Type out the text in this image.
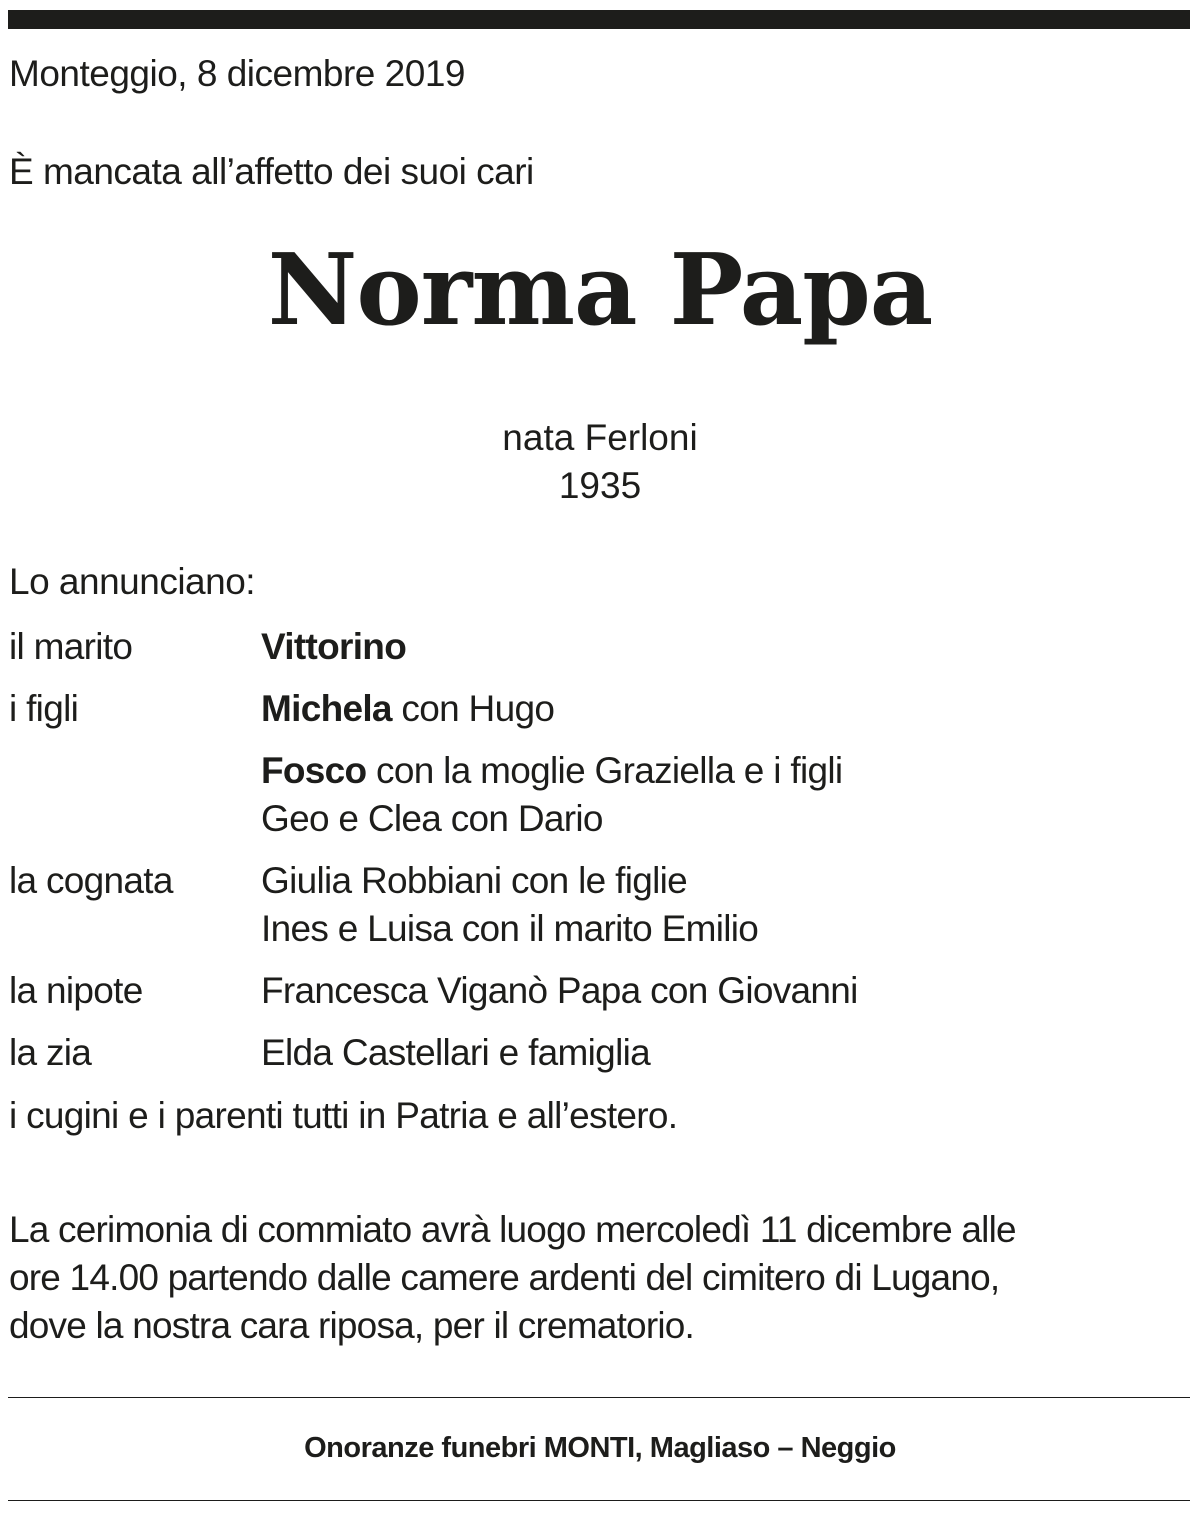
Monteggio, 8 dicembre 2019
È mancata all’affetto dei suoi cari
Norma Papa
nata Ferloni
1935
Lo annunciano:
il marito	Vittorino
i figli	Michela con Hugo
Fosco con la moglie Graziella e i figli
Geo e Clea con Dario
la cognata	Giulia Robbiani con le figlie
Ines e Luisa con il marito Emilio
la nipote	Francesca Viganò Papa con Giovanni
la zia	Elda Castellari e famiglia
i cugini e i parenti tutti in Patria e all’estero.
La cerimonia di commiato avrà luogo mercoledì 11 dicembre alle
ore 14.00 partendo dalle camere ardenti del cimitero di Lugano,
dove la nostra cara riposa, per il crematorio.
Onoranze funebri MONTI, Magliaso – Neggio
